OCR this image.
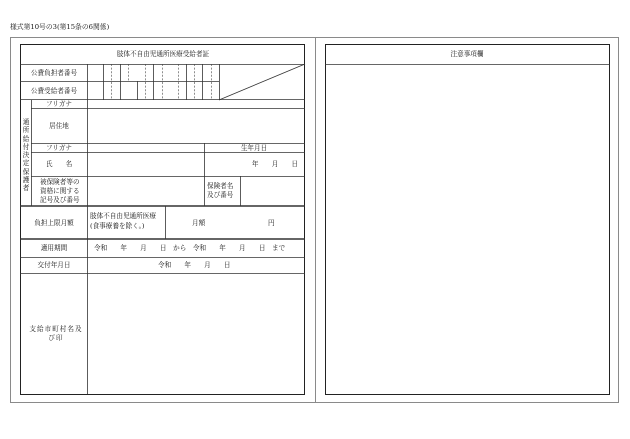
様式第10号の3(第15条の6関係)
肢体不自由児通所医療受給者証
公費負担者番号
公費受給者番号
通所給付決定保護者
フリガナ
居住地
フリガナ	生年月日
氏　　名	年　　月　　日
被保険者等の資格に関する記号及び番号
保険者名及び番号
負担上限月額
肢体不自由児通所医療(食事療養を除く。)	月額	円
適用期間	令和　　年　　月　　日　から　令和　　年　　月　　日　まで
交付年月日	令和　　年　　月　　日
支給市町村名及び印
注意事項欄
